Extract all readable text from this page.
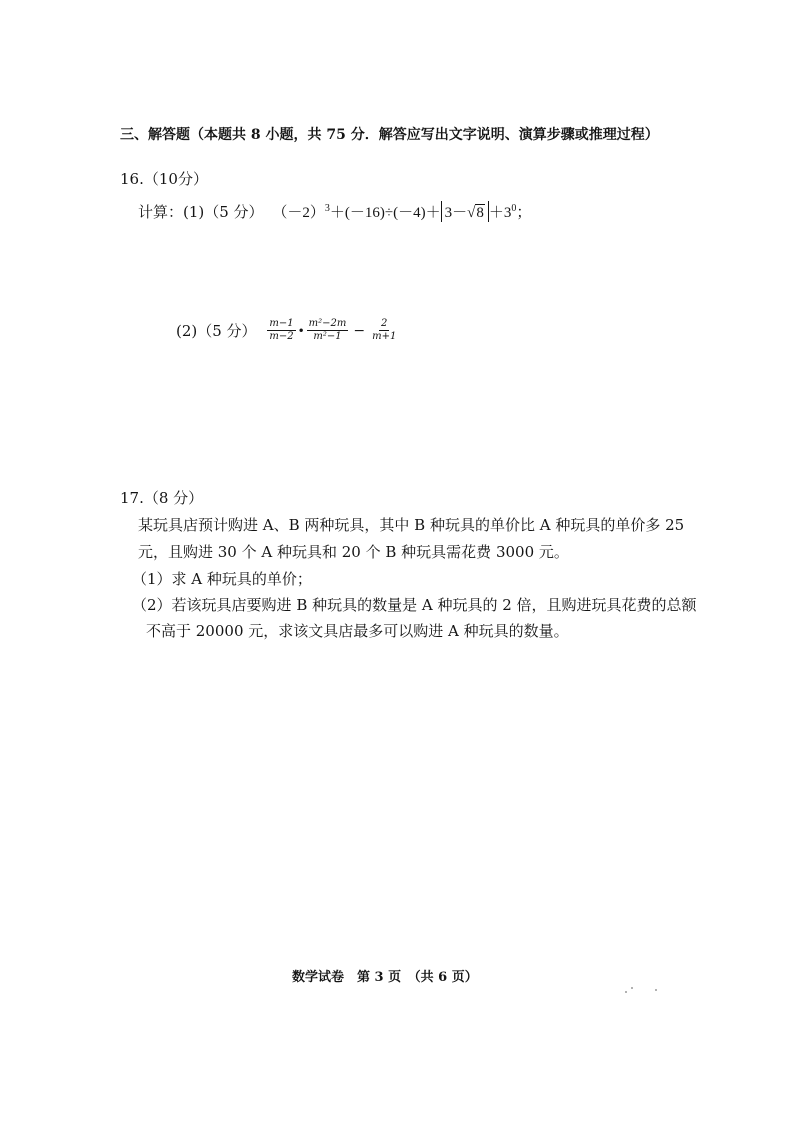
三、解答题（本题共 8 小题，共 75 分．解答应写出文字说明、演算步骤或推理过程）
16.（10分）
计算：(1)（5 分） $(-2)^3+(-16)\div(-4)+ 3-√8 +3^0$；
(2)（5 分） $\frac{m-1}{m-2}$ • $\frac{\text{m²−2m}}{\text{m²−1}} - \frac{2}{m+1}$
17.（8 分）
某玩具店预计购进 A、B 两种玩具，其中 B 种玩具的单价比 A 种玩具的单价多 25
元，且购进 30 个 A 种玩具和 20 个 B 种玩具需花费 3000 元。
（1）求 A 种玩具的单价；
（2）若该玩具店要购进 B 种玩具的数量是 A 种玩具的 2 倍，且购进玩具花费的总额
不高于 20000 元，求该文具店最多可以购进 A 种玩具的数量。
数学试卷　第 3 页　（共 6 页）
